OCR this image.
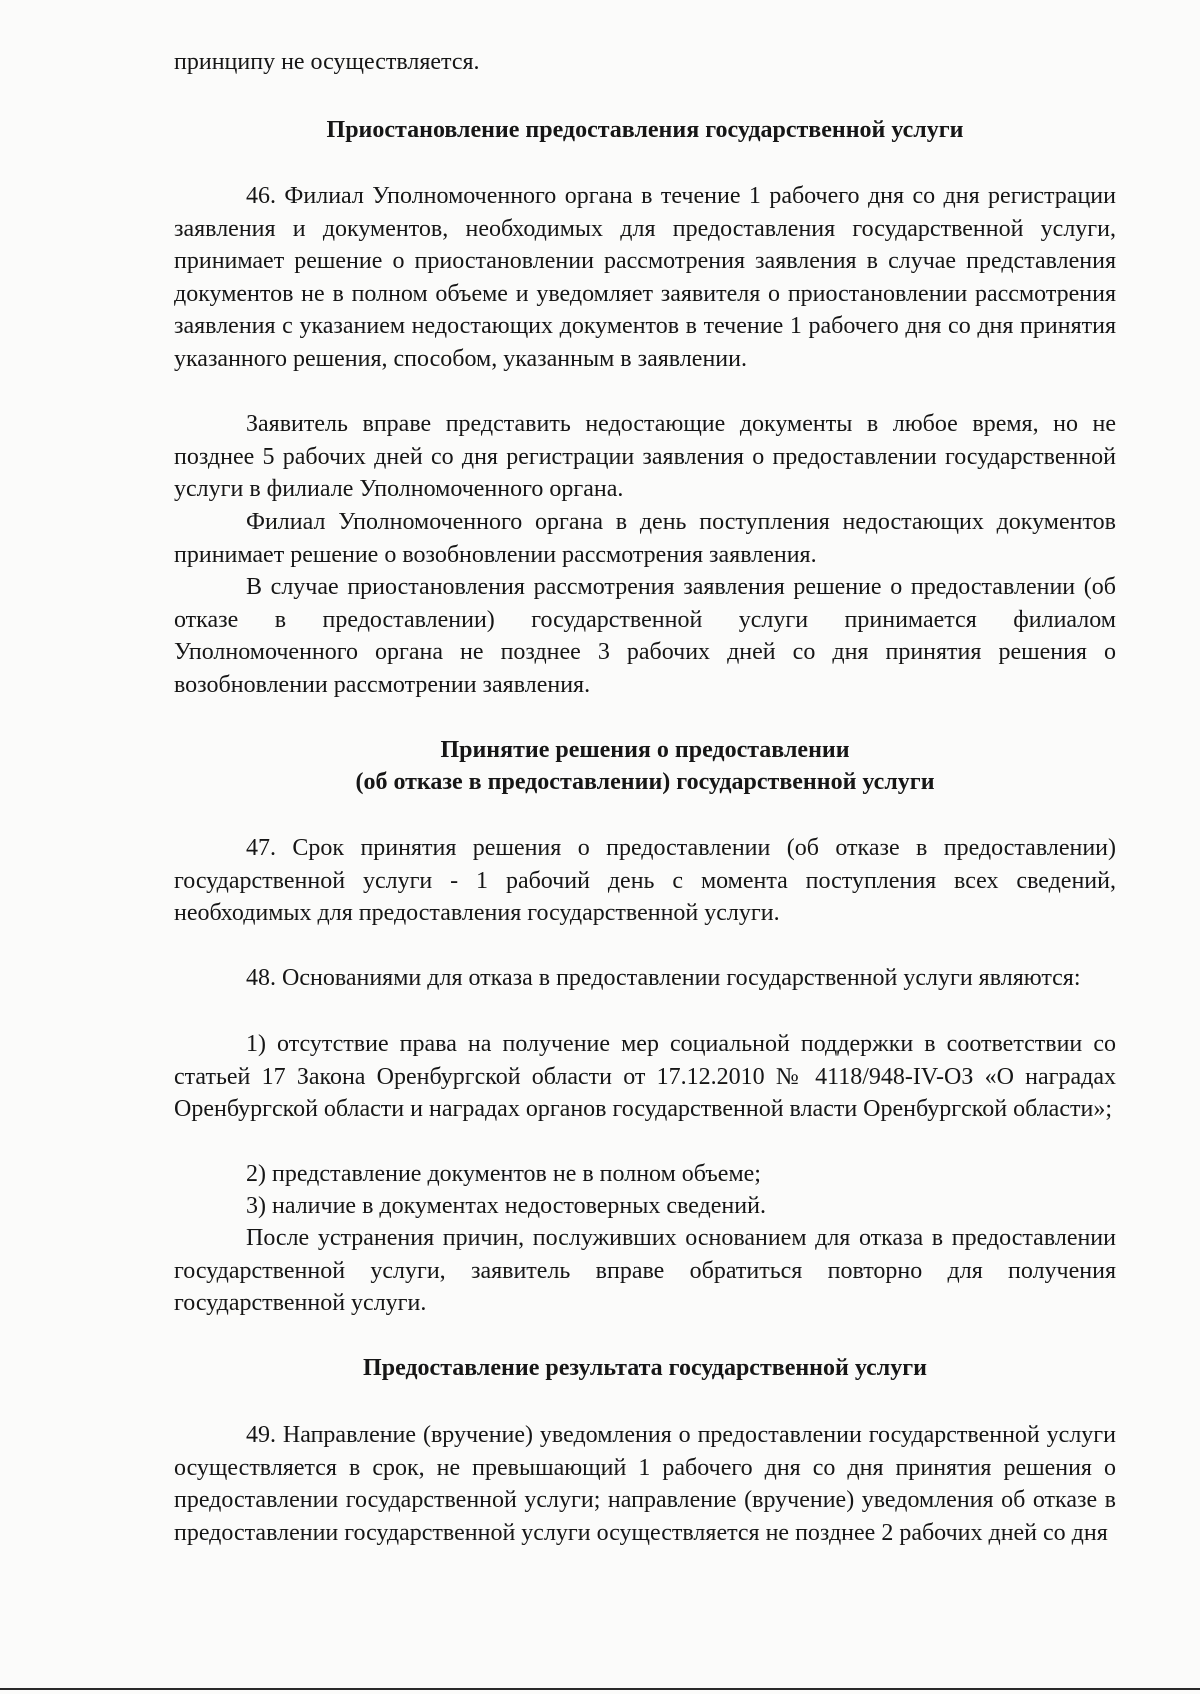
принципу не осуществляется.
Приостановление предоставления государственной услуги
46. Филиал Уполномоченного органа в течение 1 рабочего дня со дня регистрации заявления и документов, необходимых для предоставления государственной услуги, принимает решение о приостановлении рассмотрения заявления в случае представления документов не в полном объеме и уведомляет заявителя о приостановлении рассмотрения заявления с указанием недостающих документов в течение 1 рабочего дня со дня принятия указанного решения, способом, указанным в заявлении.
Заявитель вправе представить недостающие документы в любое время, но не позднее 5 рабочих дней со дня регистрации заявления о предоставлении государственной услуги в филиале Уполномоченного органа.
Филиал Уполномоченного органа в день поступления недостающих документов принимает решение о возобновлении рассмотрения заявления.
В случае приостановления рассмотрения заявления решение о предоставлении (об отказе в предоставлении) государственной услуги принимается филиалом Уполномоченного органа не позднее 3 рабочих дней со дня принятия решения о возобновлении рассмотрении заявления.
Принятие решения о предоставлении
(об отказе в предоставлении) государственной услуги
47. Срок принятия решения о предоставлении (об отказе в предоставлении) государственной услуги - 1 рабочий день с момента поступления всех сведений, необходимых для предоставления государственной услуги.
48. Основаниями для отказа в предоставлении государственной услуги являются:
1) отсутствие права на получение мер социальной поддержки в соответствии со статьей 17 Закона Оренбургской области от 17.12.2010 № 4118/948-IV-ОЗ «О наградах Оренбургской области и наградах органов государственной власти Оренбургской области»;
2) представление документов не в полном объеме;
3) наличие в документах недостоверных сведений.
После устранения причин, послуживших основанием для отказа в предоставлении государственной услуги, заявитель вправе обратиться повторно для получения государственной услуги.
Предоставление результата государственной услуги
49. Направление (вручение) уведомления о предоставлении государственной услуги осуществляется в срок, не превышающий 1 рабочего дня со дня принятия решения о предоставлении государственной услуги; направление (вручение) уведомления об отказе в предоставлении государственной услуги осуществляется не позднее 2 рабочих дней со дня
